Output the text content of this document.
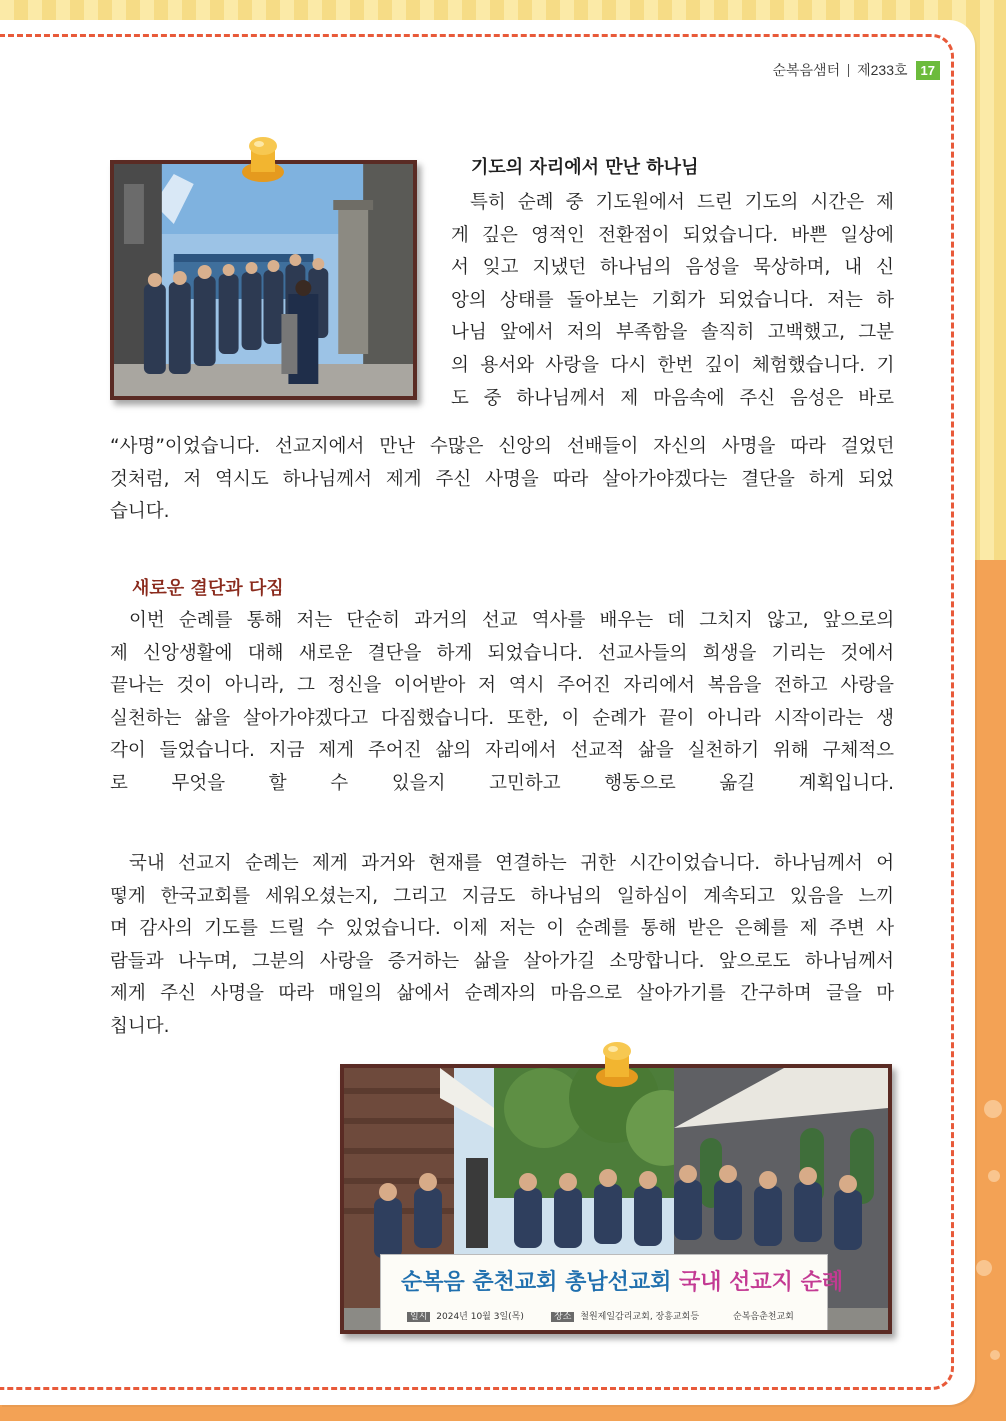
순복음샘터 제233호	17
기도의 자리에서 만난 하나님
특히 순례 중 기도원에서 드린 기도의 시간은 제
게 깊은 영적인 전환점이 되었습니다. 바쁜 일상에
서 잊고 지냈던 하나님의 음성을 묵상하며, 내 신
앙의 상태를 돌아보는 기회가 되었습니다. 저는 하
나님 앞에서 저의 부족함을 솔직히 고백했고, 그분
의 용서와 사랑을 다시 한번 깊이 체험했습니다. 기
도 중 하나님께서 제 마음속에 주신 음성은 바로
“사명”이었습니다. 선교지에서 만난 수많은 신앙의 선배들이 자신의 사명을 따라 걸었던
것처럼, 저 역시도 하나님께서 제게 주신 사명을 따라 살아가야겠다는 결단을 하게 되었
습니다.
새로운 결단과 다짐
이번 순례를 통해 저는 단순히 과거의 선교 역사를 배우는 데 그치지 않고, 앞으로의
제 신앙생활에 대해 새로운 결단을 하게 되었습니다. 선교사들의 희생을 기리는 것에서
끝나는 것이 아니라, 그 정신을 이어받아 저 역시 주어진 자리에서 복음을 전하고 사랑을
실천하는 삶을 살아가야겠다고 다짐했습니다. 또한, 이 순례가 끝이 아니라 시작이라는 생
각이 들었습니다. 지금 제게 주어진 삶의 자리에서 선교적 삶을 실천하기 위해 구체적으
로 무엇을 할 수 있을지 고민하고 행동으로 옮길 계획입니다.
국내 선교지 순례는 제게 과거와 현재를 연결하는 귀한 시간이었습니다. 하나님께서 어
떻게 한국교회를 세워오셨는지, 그리고 지금도 하나님의 일하심이 계속되고 있음을 느끼
며 감사의 기도를 드릴 수 있었습니다. 이제 저는 이 순례를 통해 받은 은혜를 제 주변 사
람들과 나누며, 그분의 사랑을 증거하는 삶을 살아가길 소망합니다. 앞으로도 하나님께서
제게 주신 사명을 따라 매일의 삶에서 순례자의 마음으로 살아가기를 간구하며 글을 마
칩니다.
순복음 춘천교회 총남선교회 국내 선교지 순례
일시 2024년 10월 3일(목)	장소 철원제일감리교회, 장흥교회등	순복음춘천교회
